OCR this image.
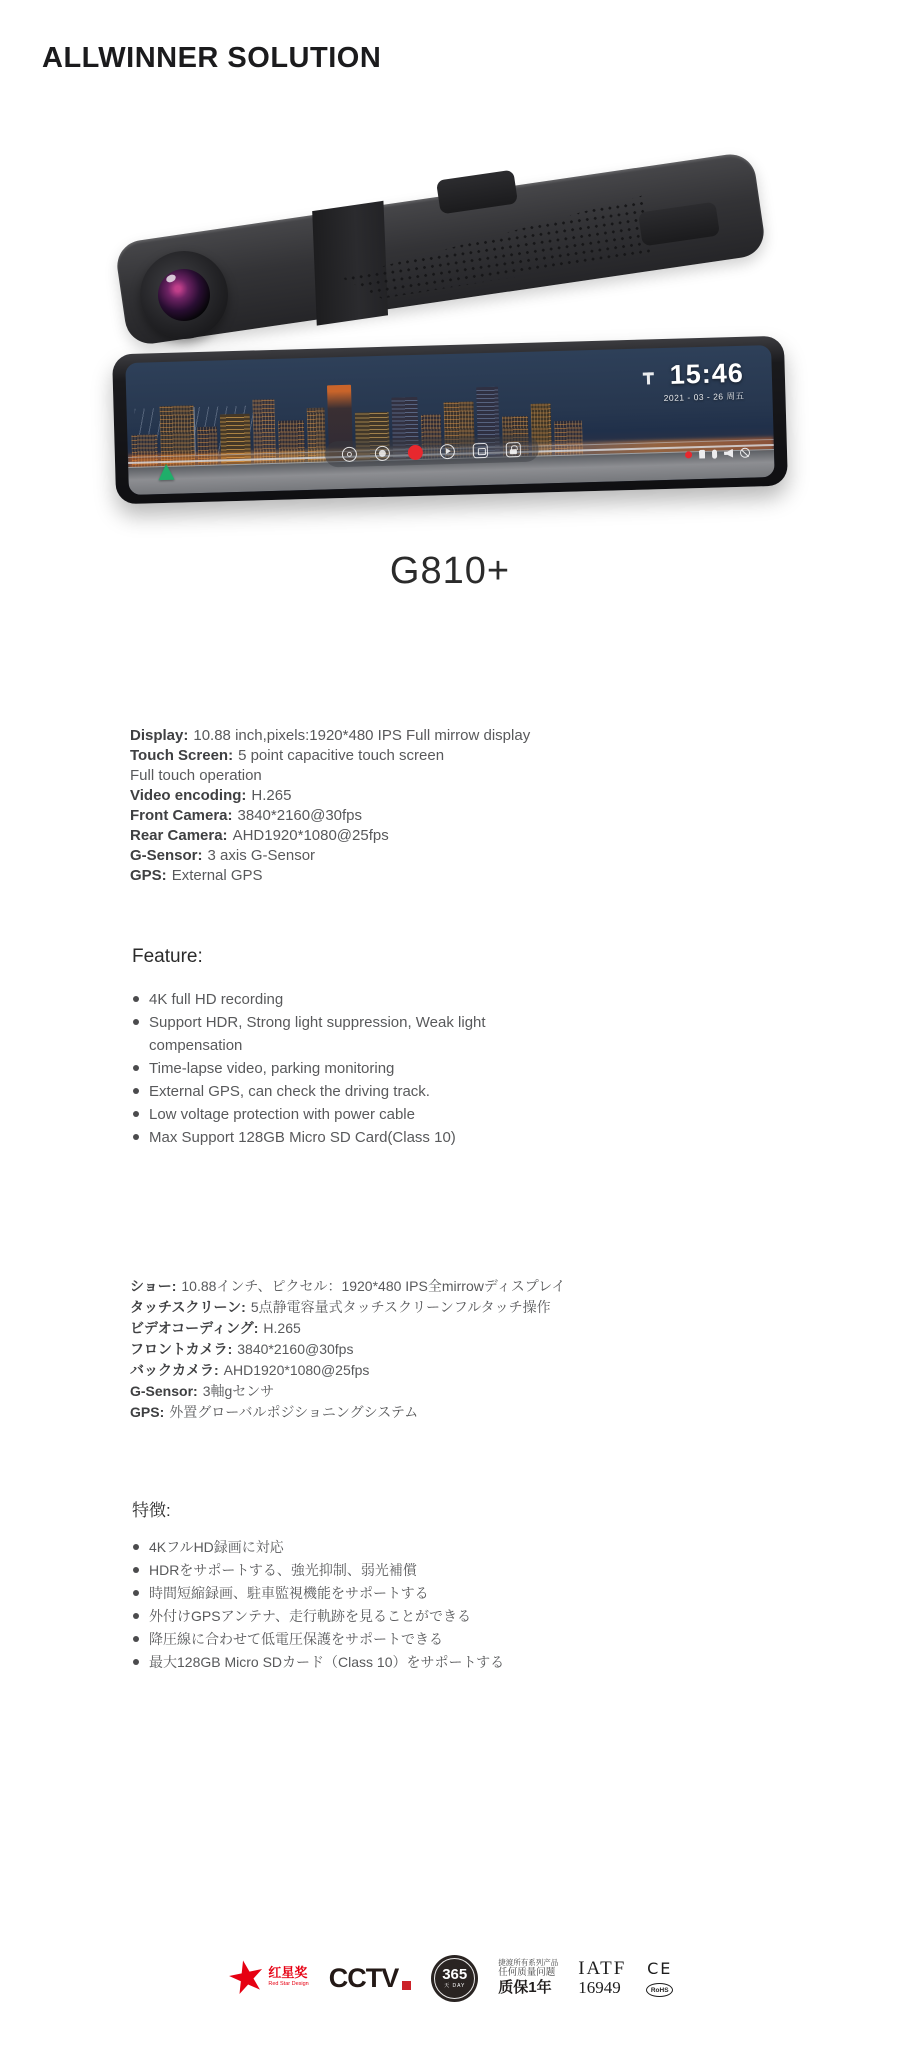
ALLWINNER SOLUTION
15:46
2021 - 03 - 26 周五
G810+

Display: 10.88 inch,pixels:1920*480 IPS Full mirrow display

Touch Screen: 5 point capacitive touch screen

Full touch operation

Video encoding: H.265

Front Camera: 3840*2160@30fps

Rear Camera: AHD1920*1080@25fps

G-Sensor: 3 axis G-Sensor

GPS: External GPS

Feature:
4K full HD recording
Support HDR, Strong light suppression, Weak light compensation
Time-lapse video, parking monitoring
External GPS, can check the driving track.
Low voltage protection with power cable
Max Support 128GB Micro SD Card(Class 10)

ショー: 10.88インチ、ピクセル：1920*480 IPS全mirrowディスプレイ

タッチスクリーン: 5点静電容量式タッチスクリーンフルタッチ操作

ビデオコーディング: H.265

フロントカメラ: 3840*2160@30fps

バックカメラ: AHD1920*1080@25fps

G-Sensor: 3軸gセンサ

GPS: 外置グローバルポジショニングシステム

特徴:
4KフルHD録画に対応
HDRをサポートする、強光抑制、弱光補償
時間短縮録画、駐車監視機能をサポートする
外付けGPSアンテナ、走行軌跡を見ることができる
降圧線に合わせて低電圧保護をサポートできる
最大128GB Micro SDカード（Class 10）をサポートする
★
红星奖
Red Star Design CCTV	365
天 DAY
捷渡所有系列产品
任何质量问题
质保1年
IATF
16949
CE
RoHS
